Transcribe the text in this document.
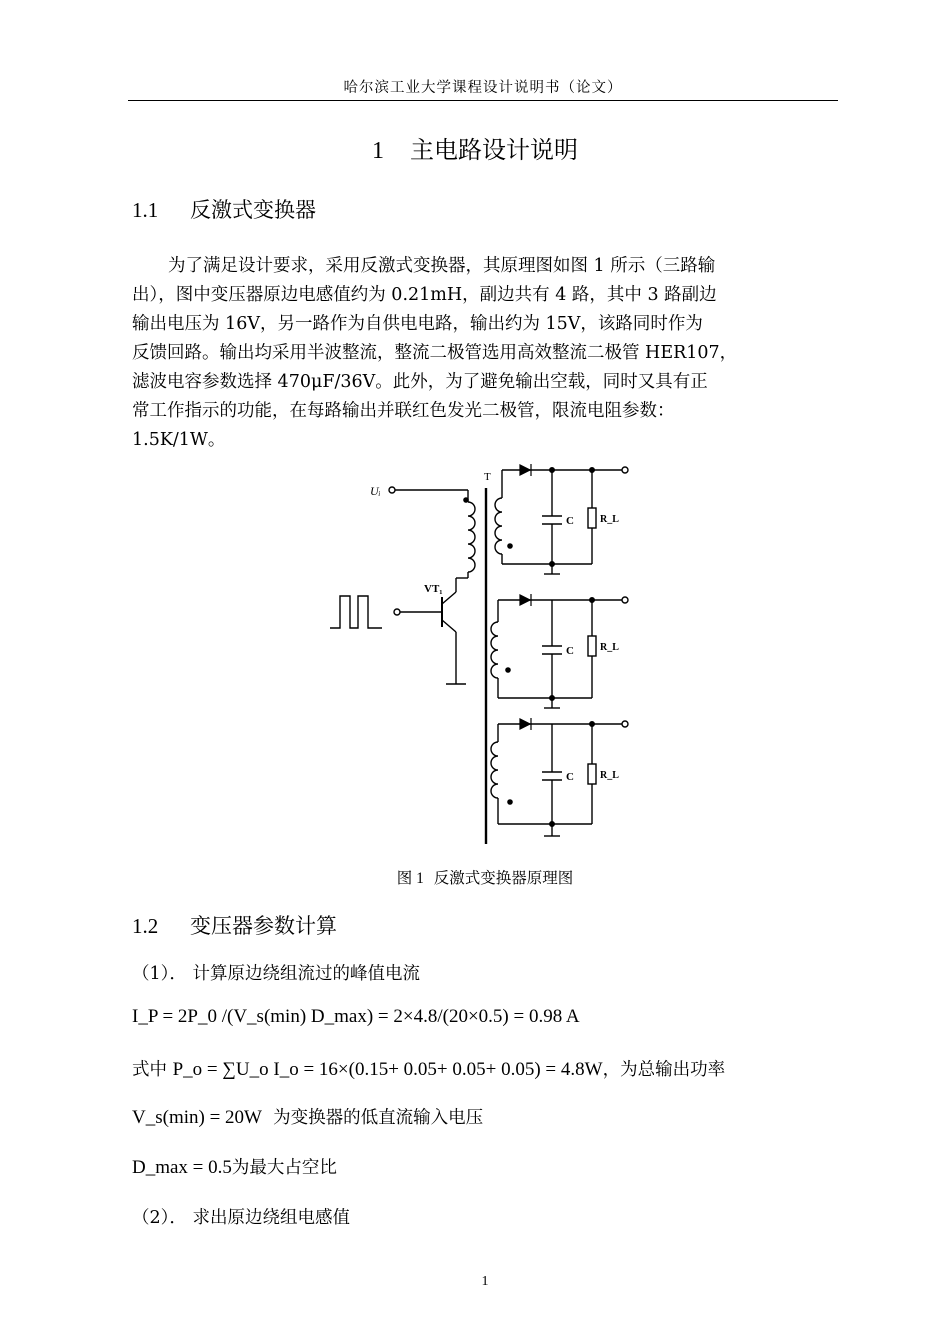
哈尔滨工业大学课程设计说明书（论文）
1 主电路设计说明
1.1 反激式变换器
为了满足设计要求，采用反激式变换器，其原理图如图 1 所示（三路输
出），图中变压器原边电感值约为 0.21mH，副边共有 4 路，其中 3 路副边
输出电压为 16V，另一路作为自供电电路，输出约为 15V，该路同时作为
反馈回路。输出均采用半波整流，整流二极管选用高效整流二极管 HER107，
滤波电容参数选择 470μF/36V。此外，为了避免输出空载，同时又具有正
常工作指示的功能，在每路输出并联红色发光二极管，限流电阻参数：
1.5K/1W。
Uᵢ
T
VT₁
C	R_L
C	R_L
C	R_L
图 1 反激式变换器原理图
1.2 变压器参数计算
（1）． 计算原边绕组流过的峰值电流
I_P = 2P_0 /(V_s(min) D_max) = 2×4.8/(20×0.5) = 0.98 A
式中 P_o = ∑U_o I_o = 16×(0.15+ 0.05+ 0.05+ 0.05) = 4.8W，为总输出功率
V_s(min) = 20W 为变换器的低直流输入电压
D_max = 0.5为最大占空比
（2）． 求出原边绕组电感值
1
